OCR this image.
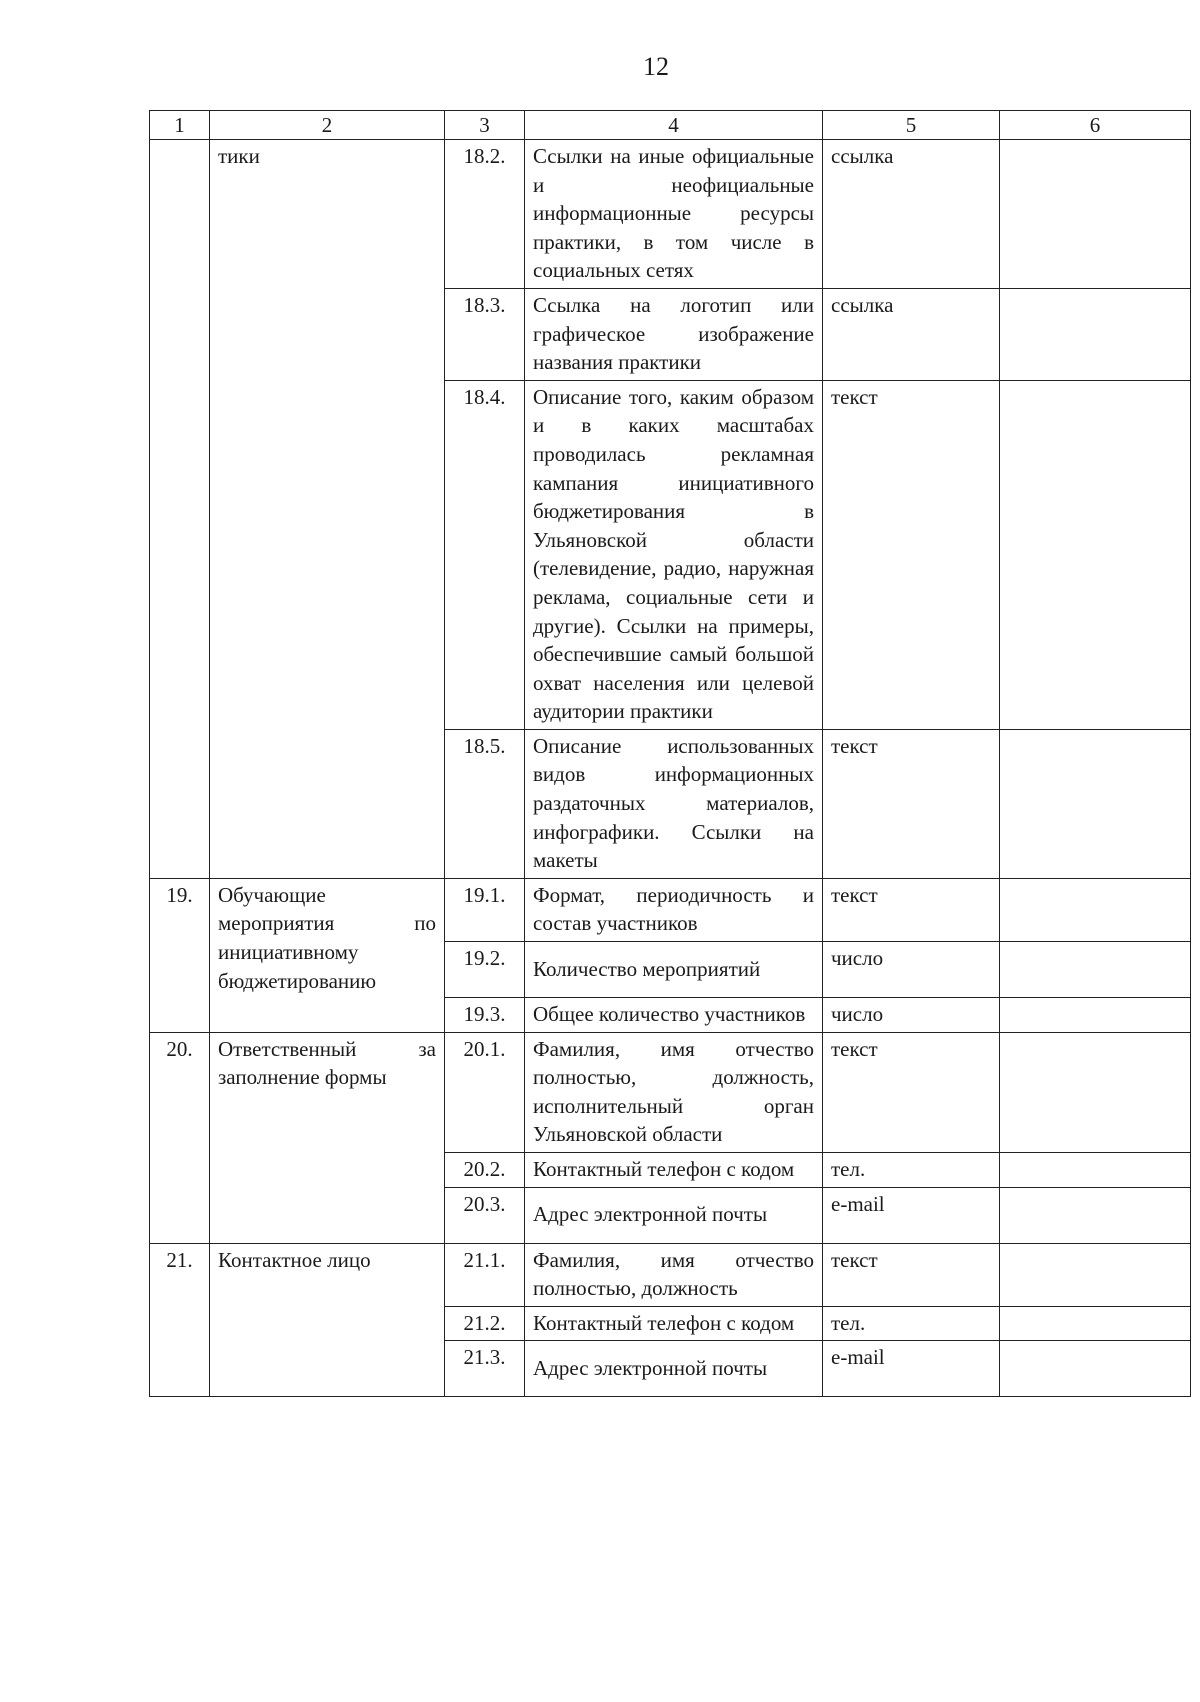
12
1	2	3	4	5	6
	тики	18.2.	Ссылки на иные официальные и неофициальные информационные ресурсы практики, в том числе в социальных сетях	ссылка	
		18.3.	Ссылка на логотип или графическое изображение названия практики	ссылка	
		18.4.	Описание того, каким образом и в каких масштабах проводилась рекламная кампания инициативного бюджетирования в Ульяновской области (телевидение, радио, наружная реклама, социальные сети и другие). Ссылки на примеры, обеспечившие самый большой охват населения или целевой аудитории практики	текст	
		18.5.	Описание использованных видов информационных раздаточных материалов, инфографики. Ссылки на макеты	текст	
19.	Обучающие мероприятия по инициативному бюджетированию	19.1.	Формат, периодичность и состав участников	текст	
		19.2.	Количество мероприятий	число	
		19.3.	Общее количество участников	число	
20.	Ответственный за заполнение формы	20.1.	Фамилия, имя отчество полностью, должность, исполнительный орган Ульяновской области	текст	
		20.2.	Контактный телефон с кодом	тел.	
		20.3.	Адрес электронной почты	e-mail	
21.	Контактное лицо	21.1.	Фамилия, имя отчество полностью, должность	текст	
		21.2.	Контактный телефон с кодом	тел.	
		21.3.	Адрес электронной почты	e-mail	
